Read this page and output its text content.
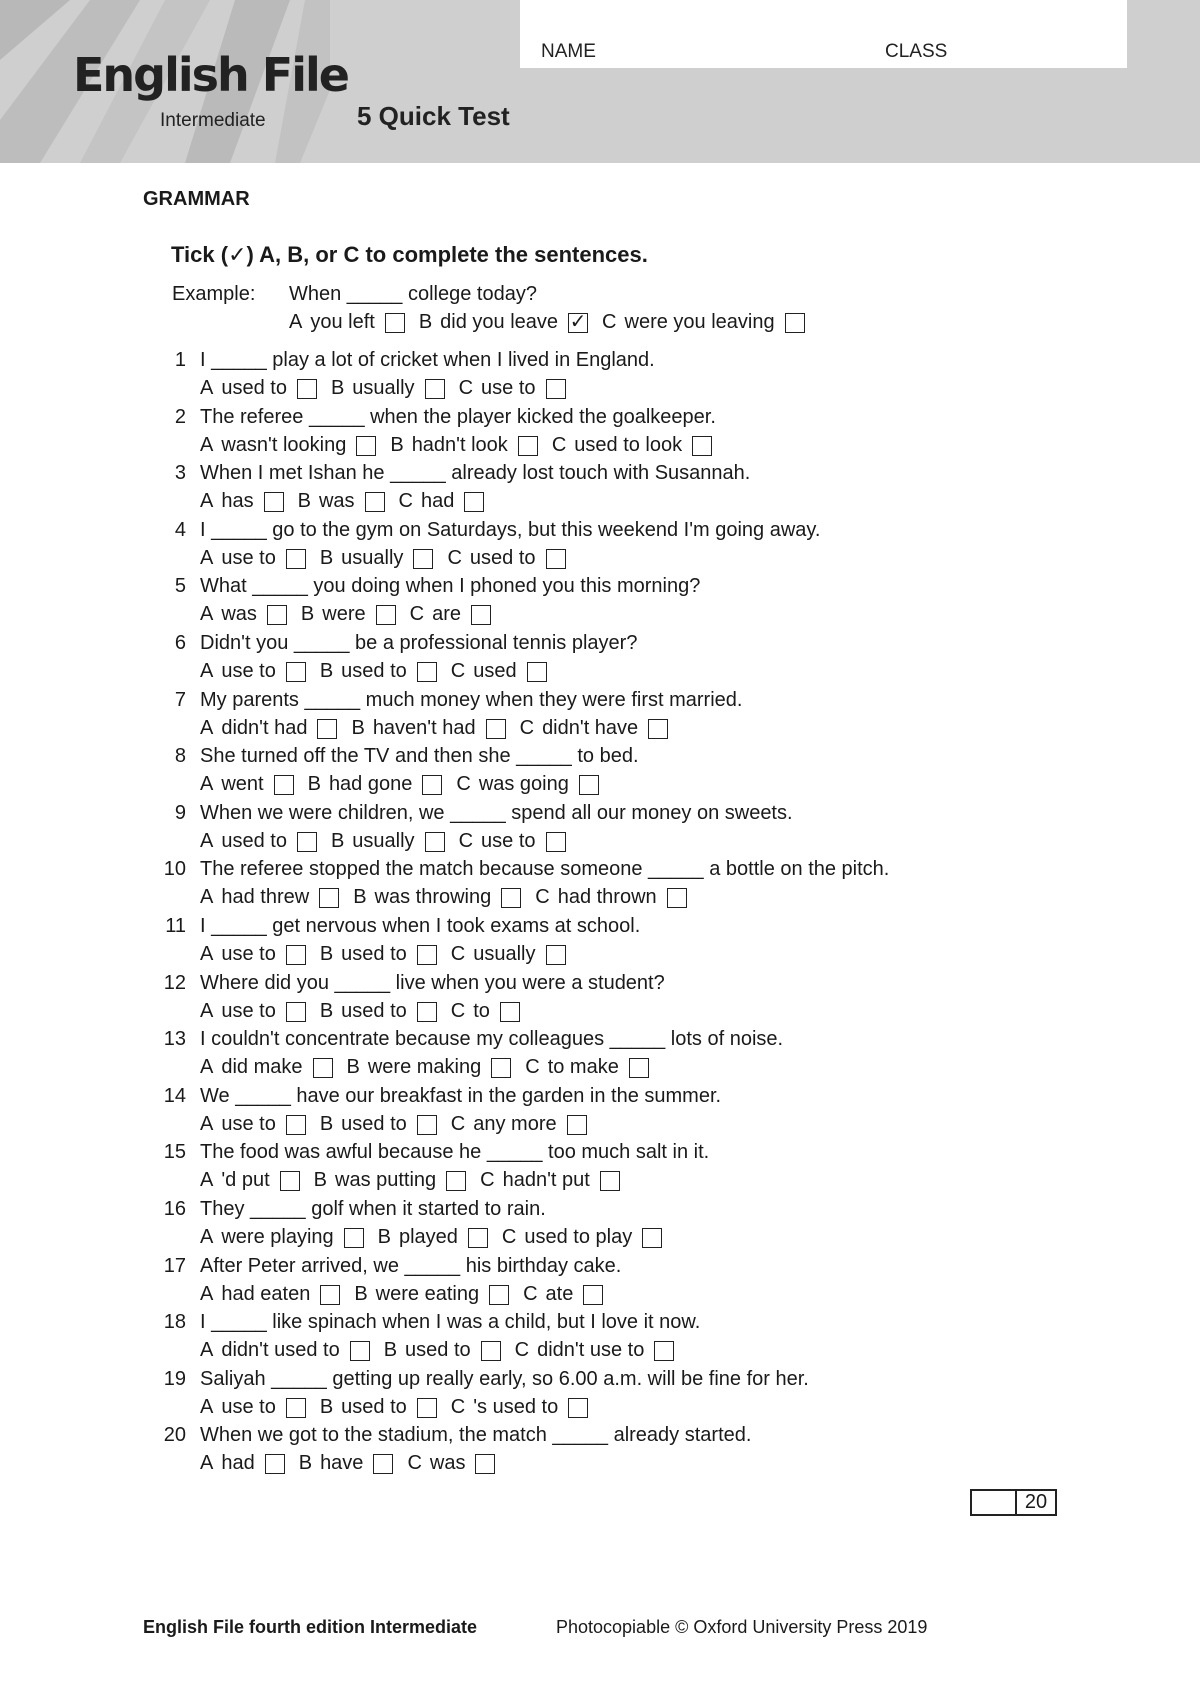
English File
Intermediate	5 Quick Test
NAME	CLASS
GRAMMAR
Tick (✓) A, B, or C to complete the sentences.
Example: When _____ college today?
A you left B did you leave ✓ C were you leaving
1 I _____ play a lot of cricket when I lived in England.
A used to B usually C use to
2 The referee _____ when the player kicked the goalkeeper.
A wasn't looking B hadn't look C used to look
3 When I met Ishan he _____ already lost touch with Susannah.
A has B was C had
4 I _____ go to the gym on Saturdays, but this weekend I'm going away.
A use to B usually C used to
5 What _____ you doing when I phoned you this morning?
A was B were C are
6 Didn't you _____ be a professional tennis player?
A use to B used to C used
7 My parents _____ much money when they were first married.
A didn't had B haven't had C didn't have
8 She turned off the TV and then she _____ to bed.
A went B had gone C was going
9 When we were children, we _____ spend all our money on sweets.
A used to B usually C use to
10 The referee stopped the match because someone _____ a bottle on the pitch.
A had threw B was throwing C had thrown
11 I _____ get nervous when I took exams at school.
A use to B used to C usually
12 Where did you _____ live when you were a student?
A use to B used to C to
13 I couldn't concentrate because my colleagues _____ lots of noise.
A did make B were making C to make
14 We _____ have our breakfast in the garden in the summer.
A use to B used to C any more
15 The food was awful because he _____ too much salt in it.
A 'd put B was putting C hadn't put
16 They _____ golf when it started to rain.
A were playing B played C used to play
17 After Peter arrived, we _____ his birthday cake.
A had eaten B were eating C ate
18 I _____ like spinach when I was a child, but I love it now.
A didn't used to B used to C didn't use to
19 Saliyah _____ getting up really early, so 6.00 a.m. will be fine for her.
A use to B used to C 's used to
20 When we got to the stadium, the match _____ already started.
A had B have C was
20
English File fourth edition Intermediate	Photocopiable © Oxford University Press 2019
